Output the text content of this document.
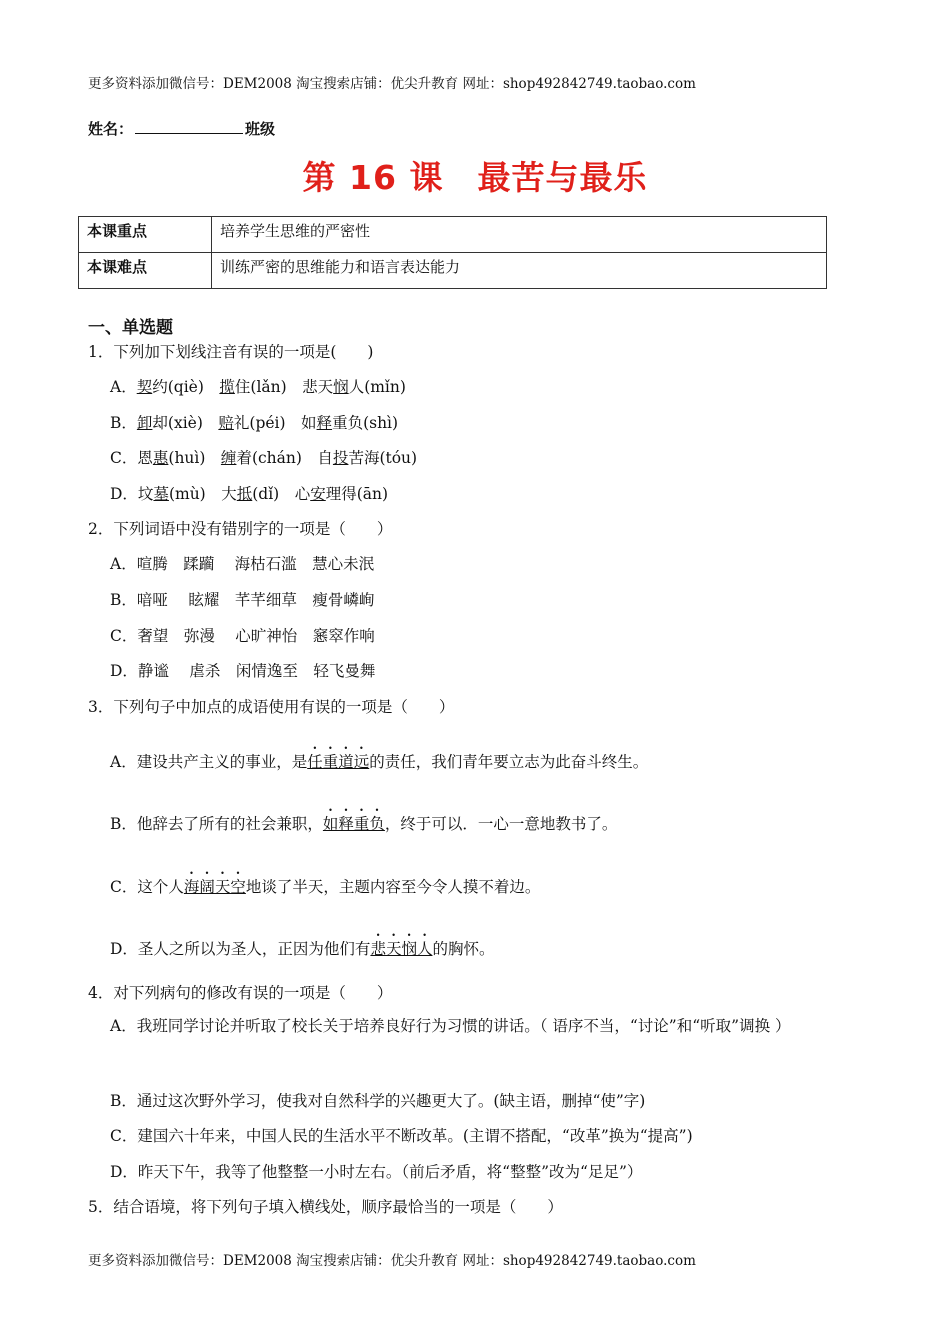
更多资料添加微信号：DEM2008 淘宝搜索店铺：优尖升教育 网址：shop492842749.taobao.com
姓名：	班级
第 16 课　最苦与最乐
本课重点	培养学生思维的严密性
本课难点	训练严密的思维能力和语言表达能力
一、单选题
1．下列加下划线注音有误的一项是(　　)
A．契约(qiè)　揽住(lǎn)　悲天悯人(mǐn)
B．卸却(xiè)　赔礼(péi)　如释重负(shì)
C．恩惠(huì)　缠着(chán)　自投苦海(tóu)
D．坟墓(mù)　大抵(dǐ)　心安理得(ān)
2．下列词语中没有错别字的一项是（　　）
A．喧腾　蹂躏　 海枯石滥　慧心未泯
B．喑哑 　眩耀　芊芊细草　瘦骨嶙峋
C．奢望　弥漫 　心旷神怡　窸窣作响
D．静谧 　虐杀　闲情逸至　轻飞曼舞
3．下列句子中加点的成语使用有误的一项是（　　）
A．建设共产主义的事业，是任重道远的责任，我们青年要立志为此奋斗终生。
B．他辞去了所有的社会兼职，如释重负，终于可以．一心一意地教书了。
C．这个人海阔天空地谈了半天，主题内容至今令人摸不着边。
D．圣人之所以为圣人，正因为他们有悲天悯人的胸怀。
4．对下列病句的修改有误的一项是（　　）
A．我班同学讨论并听取了校长关于培养良好行为习惯的讲话。（ 语序不当，“讨论”和“听取”调换 ）
B．通过这次野外学习，使我对自然科学的兴趣更大了。(缺主语，删掉“使”字)
C．建国六十年来，中国人民的生活水平不断改革。(主谓不搭配，“改革”换为“提高”)
D．昨天下午，我等了他整整一小时左右。（前后矛盾，将“整整”改为“足足”）
5．结合语境，将下列句子填入横线处，顺序最恰当的一项是（　　）
更多资料添加微信号：DEM2008 淘宝搜索店铺：优尖升教育 网址：shop492842749.taobao.com
